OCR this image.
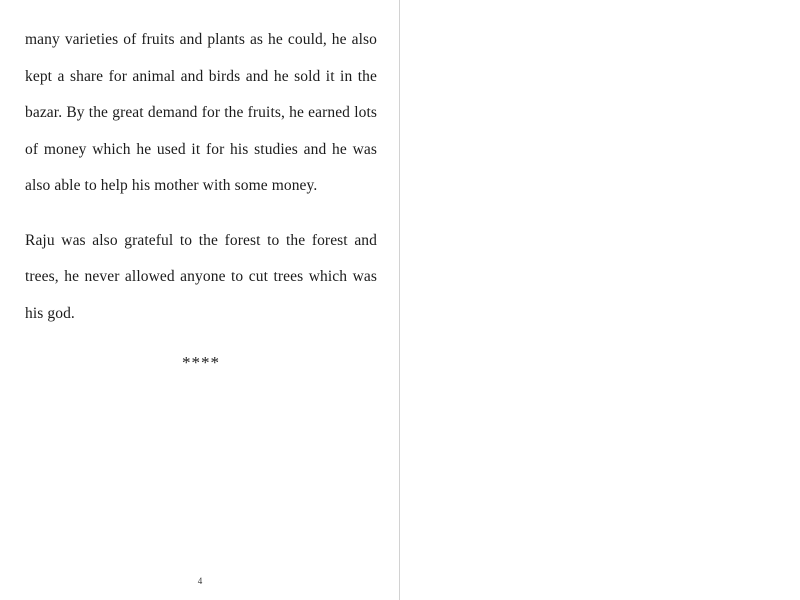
many varieties of fruits and plants as he could, he also kept a share for animal and birds and he sold it in the bazar. By the great demand for the fruits, he earned lots of money which he used it for his studies and he was also able to help his mother with some money.

Raju was also grateful to the forest to the forest and trees, he never allowed anyone to cut trees which was his god.

****
4
